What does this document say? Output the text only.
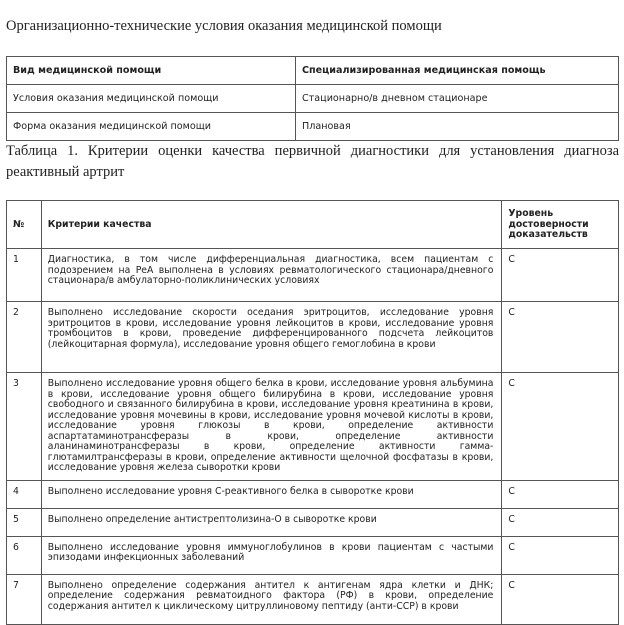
Организационно-технические условия оказания медицинской помощи
Вид медицинской помощи	Специализированная медицинская помощь
Условия оказания медицинской помощи	Стационарно/в дневном стационаре
Форма оказания медицинской помощи	Плановая
Таблица 1. Критерии оценки качества первичной диагностики для установления диагноза реактивный артрит
№	Критерии качества	Уровень достоверности доказательств
1	Диагностика, в том числе дифференциальная диагностика, всем пациентам с подозрением на РеА выполнена в условиях ревматологического стационара/дневного стационара/в амбулаторно-поликлинических условиях	С
2	Выполнено исследование скорости оседания эритроцитов, исследование уровня эритроцитов в крови, исследование уровня лейкоцитов в крови, исследование уровня тромбоцитов в крови, проведение дифференцированного подсчета лейкоцитов (лейкоцитарная формула), исследование уровня общего гемоглобина в крови	С
3	Выполнено исследование уровня общего белка в крови, исследование уровня альбумина в крови, исследование уровня общего билирубина в крови, исследование уровня свободного и связанного билирубина в крови, исследование уровня креатинина в крови, исследование уровня мочевины в крови, исследование уровня мочевой кислоты в крови, исследование уровня глюкозы в крови, определение активности аспартатаминотрансферазы в крови, определение активности аланинаминотрансферазы в крови, определение активности гамма- глютамилтрансферазы в крови, определение активности щелочной фосфатазы в крови, исследование уровня железа сыворотки крови	С
4	Выполнено исследование уровня С-реактивного белка в сыворотке крови	С
5	Выполнено определение антистрептолизина-О в сыворотке крови	С
6	Выполнено исследование уровня иммуноглобулинов в крови пациентам с частыми эпизодами инфекционных заболеваний	С
7	Выполнено определение содержания антител к антигенам ядра клетки и ДНК; определение содержания ревматоидного фактора (РФ) в крови, определение содержания антител к циклическому цитруллиновому пептиду (анти-CCP) в крови	С
